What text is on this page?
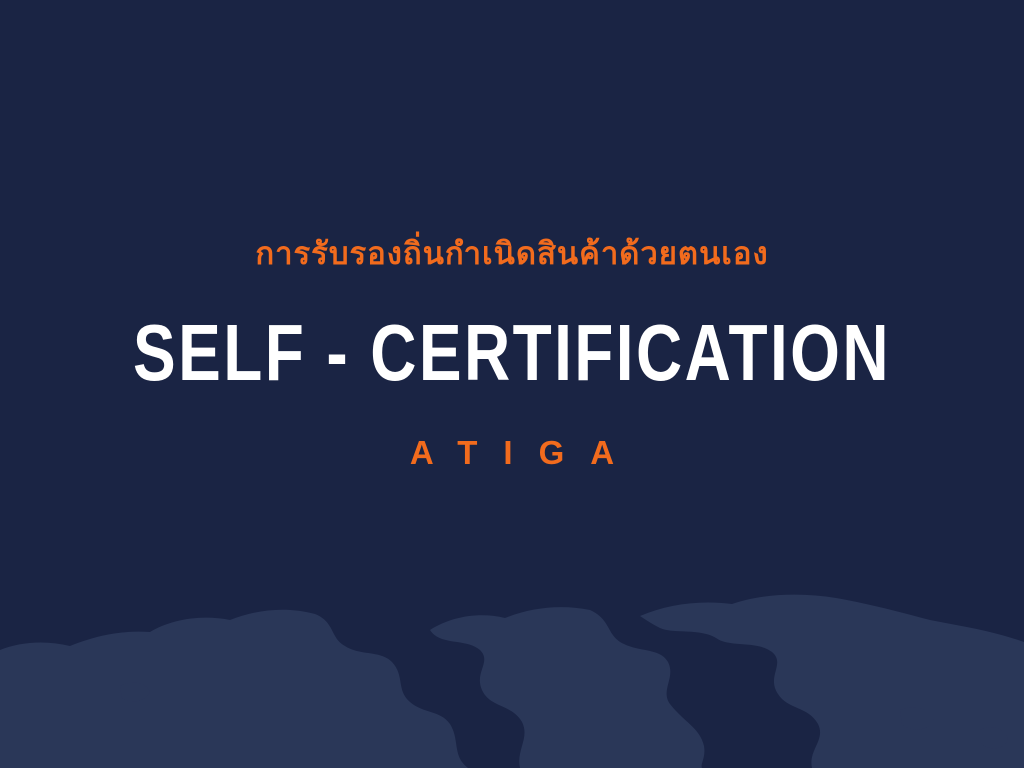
การรับรองถิ่นกำเนิดสินค้าด้วยตนเอง
SELF - CERTIFICATION
ATIGA
